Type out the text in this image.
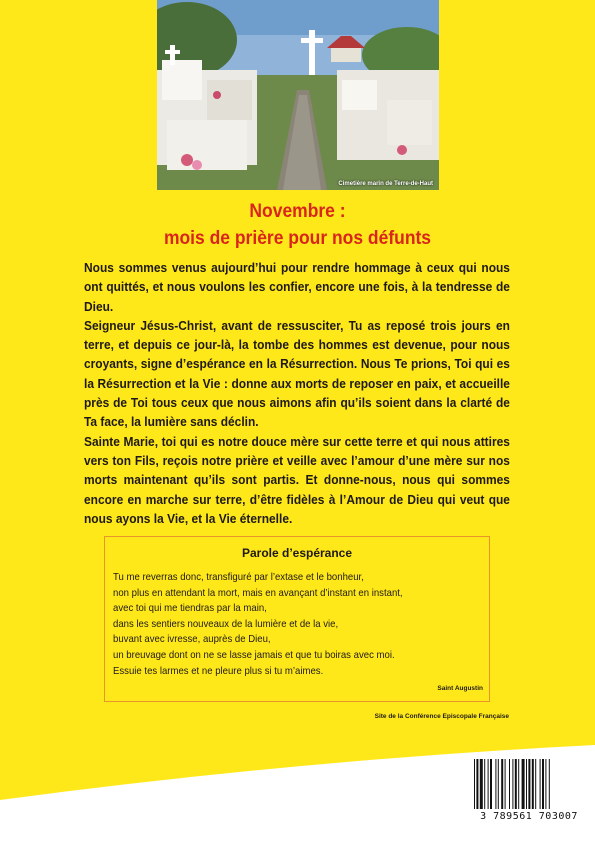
Cimetière marin de Terre-de-Haut
Novembre :
mois de prière pour nos défunts

Nous sommes venus aujourd’hui pour rendre hommage à ceux qui nous ont quittés, et nous voulons les confier, encore une fois, à la tendresse de Dieu.

Seigneur Jésus-Christ, avant de ressusciter, Tu as reposé trois jours en terre, et depuis ce jour-là, la tombe des hommes est devenue, pour nous croyants, signe d’espérance en la Résurrection. Nous Te prions, Toi qui es la Résurrection et la Vie : donne aux morts de reposer en paix, et accueille près de Toi tous ceux que nous aimons afin qu’ils soient dans la clarté de Ta face, la lumière sans déclin.

Sainte Marie, toi qui es notre douce mère sur cette terre et qui nous attires vers ton Fils, reçois notre prière et veille avec l’amour d’une mère sur nos morts maintenant qu’ils sont partis. Et donne-nous, nous qui sommes encore en marche sur terre, d’être fidèles à l’Amour de Dieu qui veut que nous ayons la Vie, et la Vie éternelle.

Parole d’espérance
Tu me reverras donc, transfiguré par l’extase et le bonheur,
non plus en attendant la mort, mais en avançant d’instant en instant,
avec toi qui me tiendras par la main,
dans les sentiers nouveaux de la lumière et de la vie,
buvant avec ivresse, auprès de Dieu,
un breuvage dont on ne se lasse jamais et que tu boiras avec moi.
Essuie tes larmes et ne pleure plus si tu m’aimes.
Saint Augustin
Site de la Conférence Episcopale Française
3 789561 703007
